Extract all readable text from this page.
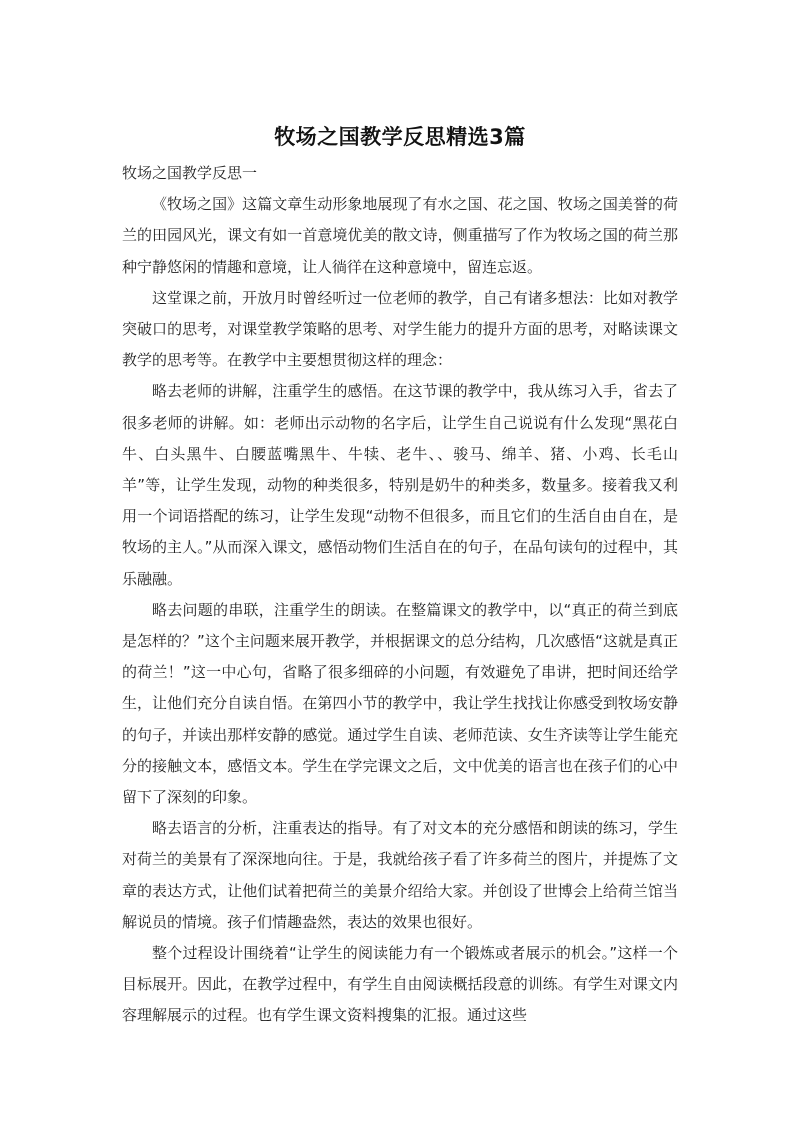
牧场之国教学反思精选3篇

牧场之国教学反思一

《牧场之国》这篇文章生动形象地展现了有水之国、花之国、牧场之国美誉的荷兰的田园风光，课文有如一首意境优美的散文诗，侧重描写了作为牧场之国的荷兰那种宁静悠闲的情趣和意境，让人徜徉在这种意境中，留连忘返。

这堂课之前，开放月时曾经听过一位老师的教学，自己有诸多想法：比如对教学突破口的思考，对课堂教学策略的思考、对学生能力的提升方面的思考，对略读课文教学的思考等。在教学中主要想贯彻这样的理念：

略去老师的讲解，注重学生的感悟。在这节课的教学中，我从练习入手，省去了很多老师的讲解。如：老师出示动物的名字后，让学生自己说说有什么发现“黑花白牛、白头黑牛、白腰蓝嘴黑牛、牛犊、老牛、、骏马、绵羊、猪、小鸡、长毛山羊”等，让学生发现，动物的种类很多，特别是奶牛的种类多，数量多。接着我又利用一个词语搭配的练习，让学生发现“动物不但很多，而且它们的生活自由自在，是牧场的主人。”从而深入课文，感悟动物们生活自在的句子，在品句读句的过程中，其乐融融。

略去问题的串联，注重学生的朗读。在整篇课文的教学中，以“真正的荷兰到底是怎样的？”这个主问题来展开教学，并根据课文的总分结构，几次感悟“这就是真正的荷兰！”这一中心句，省略了很多细碎的小问题，有效避免了串讲，把时间还给学生，让他们充分自读自悟。在第四小节的教学中，我让学生找找让你感受到牧场安静的句子，并读出那样安静的感觉。通过学生自读、老师范读、女生齐读等让学生能充分的接触文本，感悟文本。学生在学完课文之后，文中优美的语言也在孩子们的心中留下了深刻的印象。

略去语言的分析，注重表达的指导。有了对文本的充分感悟和朗读的练习，学生对荷兰的美景有了深深地向往。于是，我就给孩子看了许多荷兰的图片，并提炼了文章的表达方式，让他们试着把荷兰的美景介绍给大家。并创设了世博会上给荷兰馆当解说员的情境。孩子们情趣盎然，表达的效果也很好。

整个过程设计围绕着“让学生的阅读能力有一个锻炼或者展示的机会。”这样一个目标展开。因此，在教学过程中，有学生自由阅读概括段意的训练。有学生对课文内容理解展示的过程。也有学生课文资料搜集的汇报。通过这些
